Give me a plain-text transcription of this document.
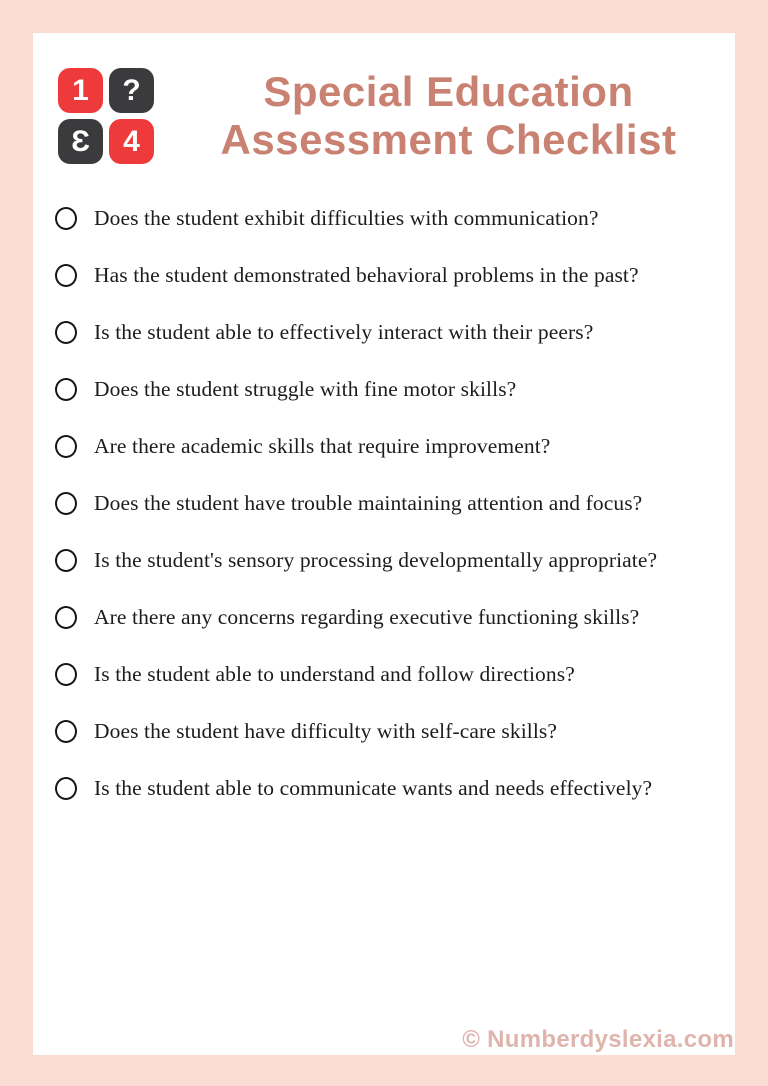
1	?
Ɛ	4
Special Education
Assessment Checklist
Does the student exhibit difficulties with communication?
Has the student demonstrated behavioral problems in the past?
Is the student able to effectively interact with their peers?
Does the student struggle with fine motor skills?
Are there academic skills that require improvement?
Does the student have trouble maintaining attention and focus?
Is the student's sensory processing developmentally appropriate?
Are there any concerns regarding executive functioning skills?
Is the student able to understand and follow directions?
Does the student have difficulty with self-care skills?
Is the student able to communicate wants and needs effectively?
© Numberdyslexia.com
